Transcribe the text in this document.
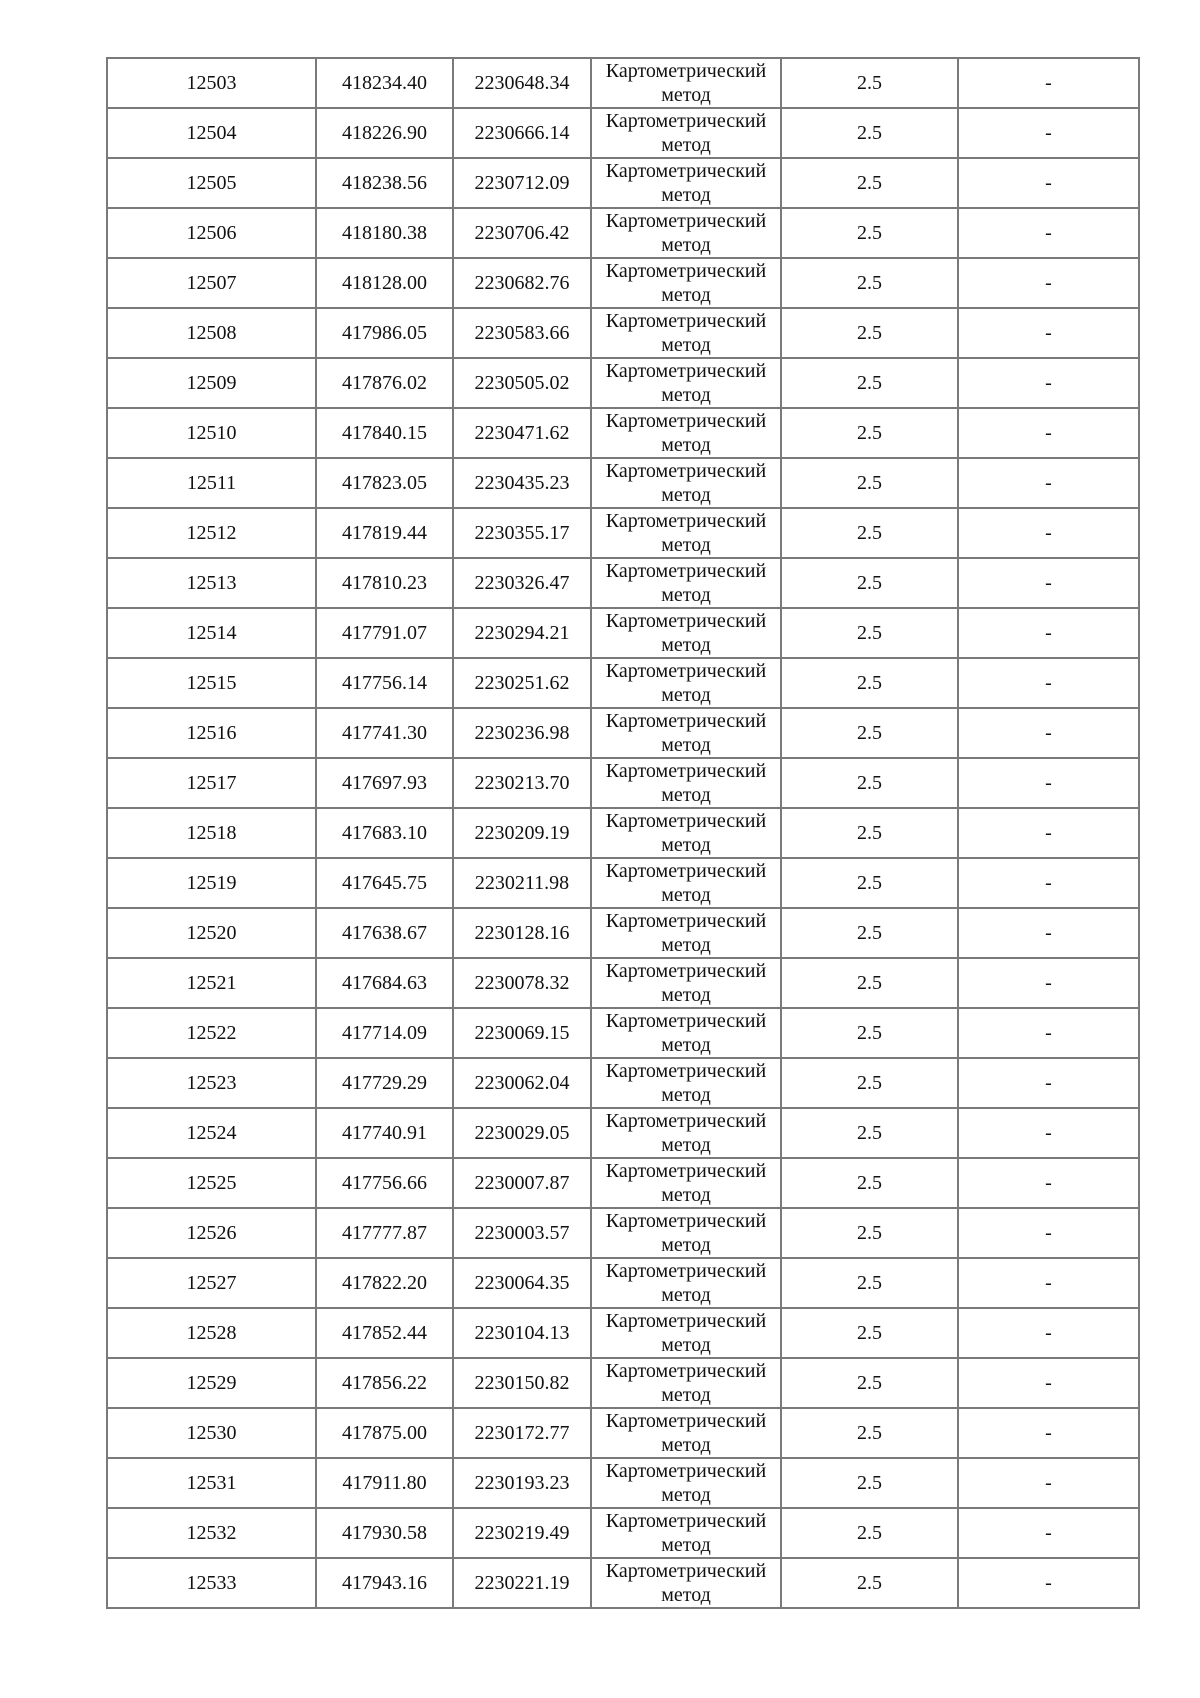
12503	418234.40	2230648.34	Картометрический метод	2.5	-
12504	418226.90	2230666.14	Картометрический метод	2.5	-
12505	418238.56	2230712.09	Картометрический метод	2.5	-
12506	418180.38	2230706.42	Картометрический метод	2.5	-
12507	418128.00	2230682.76	Картометрический метод	2.5	-
12508	417986.05	2230583.66	Картометрический метод	2.5	-
12509	417876.02	2230505.02	Картометрический метод	2.5	-
12510	417840.15	2230471.62	Картометрический метод	2.5	-
12511	417823.05	2230435.23	Картометрический метод	2.5	-
12512	417819.44	2230355.17	Картометрический метод	2.5	-
12513	417810.23	2230326.47	Картометрический метод	2.5	-
12514	417791.07	2230294.21	Картометрический метод	2.5	-
12515	417756.14	2230251.62	Картометрический метод	2.5	-
12516	417741.30	2230236.98	Картометрический метод	2.5	-
12517	417697.93	2230213.70	Картометрический метод	2.5	-
12518	417683.10	2230209.19	Картометрический метод	2.5	-
12519	417645.75	2230211.98	Картометрический метод	2.5	-
12520	417638.67	2230128.16	Картометрический метод	2.5	-
12521	417684.63	2230078.32	Картометрический метод	2.5	-
12522	417714.09	2230069.15	Картометрический метод	2.5	-
12523	417729.29	2230062.04	Картометрический метод	2.5	-
12524	417740.91	2230029.05	Картометрический метод	2.5	-
12525	417756.66	2230007.87	Картометрический метод	2.5	-
12526	417777.87	2230003.57	Картометрический метод	2.5	-
12527	417822.20	2230064.35	Картометрический метод	2.5	-
12528	417852.44	2230104.13	Картометрический метод	2.5	-
12529	417856.22	2230150.82	Картометрический метод	2.5	-
12530	417875.00	2230172.77	Картометрический метод	2.5	-
12531	417911.80	2230193.23	Картометрический метод	2.5	-
12532	417930.58	2230219.49	Картометрический метод	2.5	-
12533	417943.16	2230221.19	Картометрический метод	2.5	-
